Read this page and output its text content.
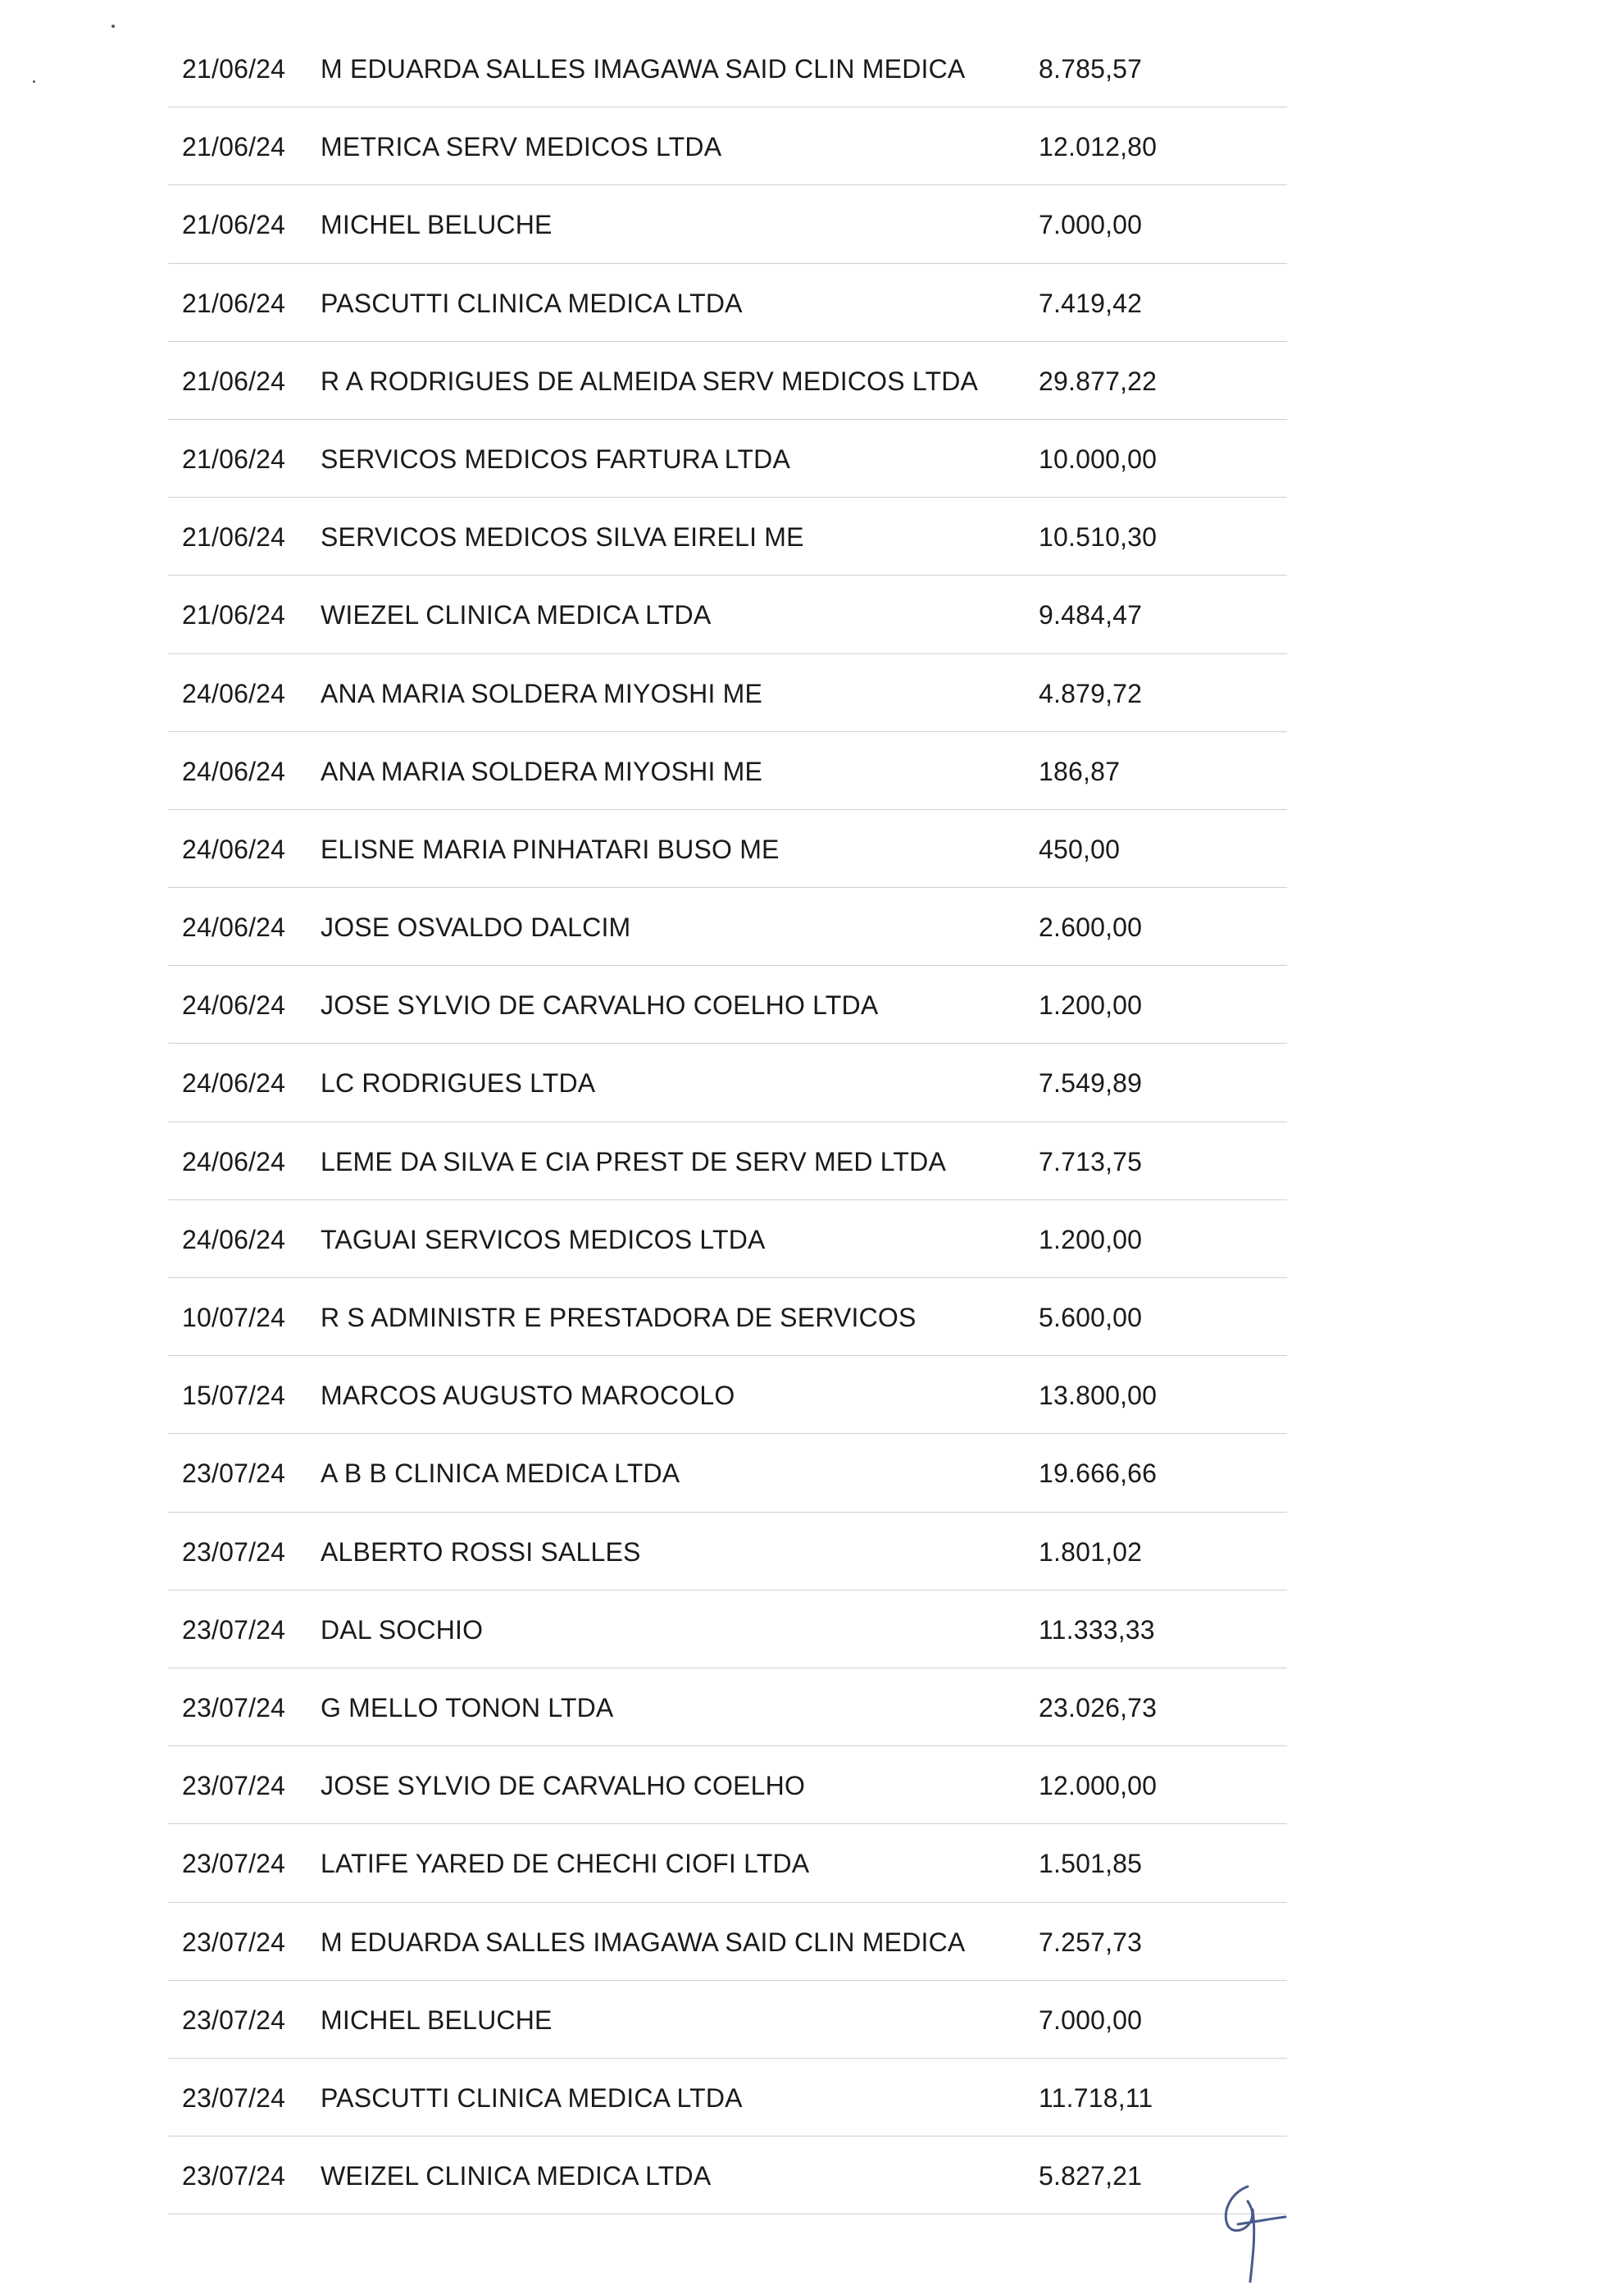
21/06/24 M EDUARDA SALLES IMAGAWA SAID CLIN MEDICA	8.785,57
21/06/24 METRICA SERV MEDICOS LTDA	12.012,80
21/06/24 MICHEL BELUCHE	7.000,00
21/06/24 PASCUTTI CLINICA MEDICA LTDA	7.419,42
21/06/24 R A RODRIGUES DE ALMEIDA SERV MEDICOS LTDA 29.877,22
21/06/24 SERVICOS MEDICOS FARTURA LTDA	10.000,00
21/06/24 SERVICOS MEDICOS SILVA EIRELI ME	10.510,30
21/06/24 WIEZEL CLINICA MEDICA LTDA	9.484,47
24/06/24 ANA MARIA SOLDERA MIYOSHI ME	4.879,72
24/06/24 ANA MARIA SOLDERA MIYOSHI ME	186,87
24/06/24 ELISNE MARIA PINHATARI BUSO ME	450,00
24/06/24 JOSE OSVALDO DALCIM	2.600,00
24/06/24 JOSE SYLVIO DE CARVALHO COELHO LTDA	1.200,00
24/06/24 LC RODRIGUES LTDA	7.549,89
24/06/24 LEME DA SILVA E CIA PREST DE SERV MED LTDA	7.713,75
24/06/24 TAGUAI SERVICOS MEDICOS LTDA	1.200,00
10/07/24 R S ADMINISTR E PRESTADORA DE SERVICOS	5.600,00
15/07/24 MARCOS AUGUSTO MAROCOLO	13.800,00
23/07/24 A B B CLINICA MEDICA LTDA	19.666,66
23/07/24 ALBERTO ROSSI SALLES	1.801,02
23/07/24 DAL SOCHIO	11.333,33
23/07/24 G MELLO TONON LTDA	23.026,73
23/07/24 JOSE SYLVIO DE CARVALHO COELHO	12.000,00
23/07/24 LATIFE YARED DE CHECHI CIOFI LTDA	1.501,85
23/07/24 M EDUARDA SALLES IMAGAWA SAID CLIN MEDICA	7.257,73
23/07/24 MICHEL BELUCHE	7.000,00
23/07/24 PASCUTTI CLINICA MEDICA LTDA	11.718,11
23/07/24 WEIZEL CLINICA MEDICA LTDA	5.827,21
